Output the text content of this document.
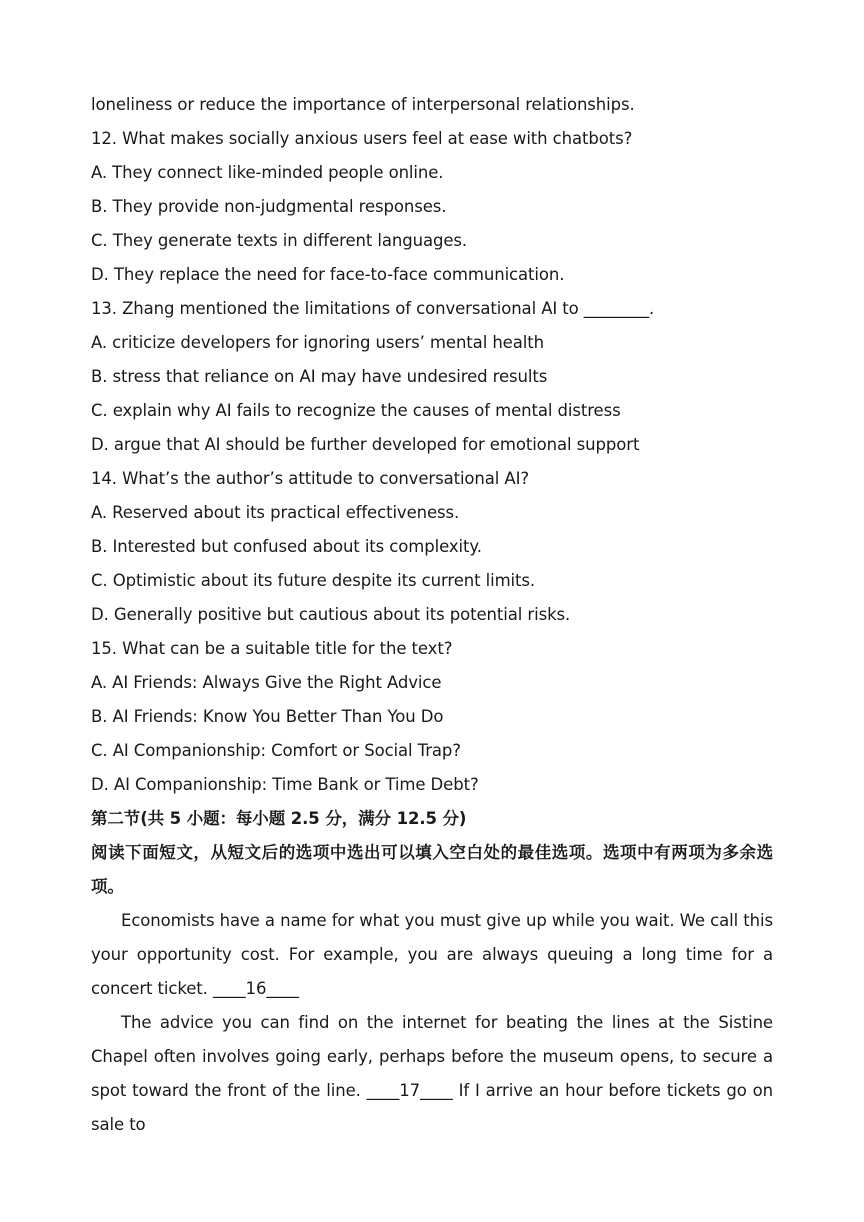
loneliness or reduce the importance of interpersonal relationships.
12. What makes socially anxious users feel at ease with chatbots?
A. They connect like-minded people online.
B. They provide non-judgmental responses.
C. They generate texts in different languages.
D. They replace the need for face-to-face communication.
13. Zhang mentioned the limitations of conversational AI to ________.
A. criticize developers for ignoring users’ mental health
B. stress that reliance on AI may have undesired results
C. explain why AI fails to recognize the causes of mental distress
D. argue that AI should be further developed for emotional support
14. What’s the author’s attitude to conversational AI?
A. Reserved about its practical effectiveness.
B. Interested but confused about its complexity.
C. Optimistic about its future despite its current limits.
D. Generally positive but cautious about its potential risks.
15. What can be a suitable title for the text?
A. AI Friends: Always Give the Right Advice
B. AI Friends: Know You Better Than You Do
C. AI Companionship: Comfort or Social Trap?
D. AI Companionship: Time Bank or Time Debt?
第二节(共 5 小题：每小题 2.5 分，满分 12.5 分)
阅读下面短文，从短文后的选项中选出可以填入空白处的最佳选项。选项中有两项为多余选项。
Economists have a name for what you must give up while you wait. We call this your opportunity cost. For example, you are always queuing a long time for a concert ticket. ____16____
The advice you can find on the internet for beating the lines at the Sistine Chapel often involves going early, perhaps before the museum opens, to secure a spot toward the front of the line. ____17____ If I arrive an hour before tickets go on sale to
